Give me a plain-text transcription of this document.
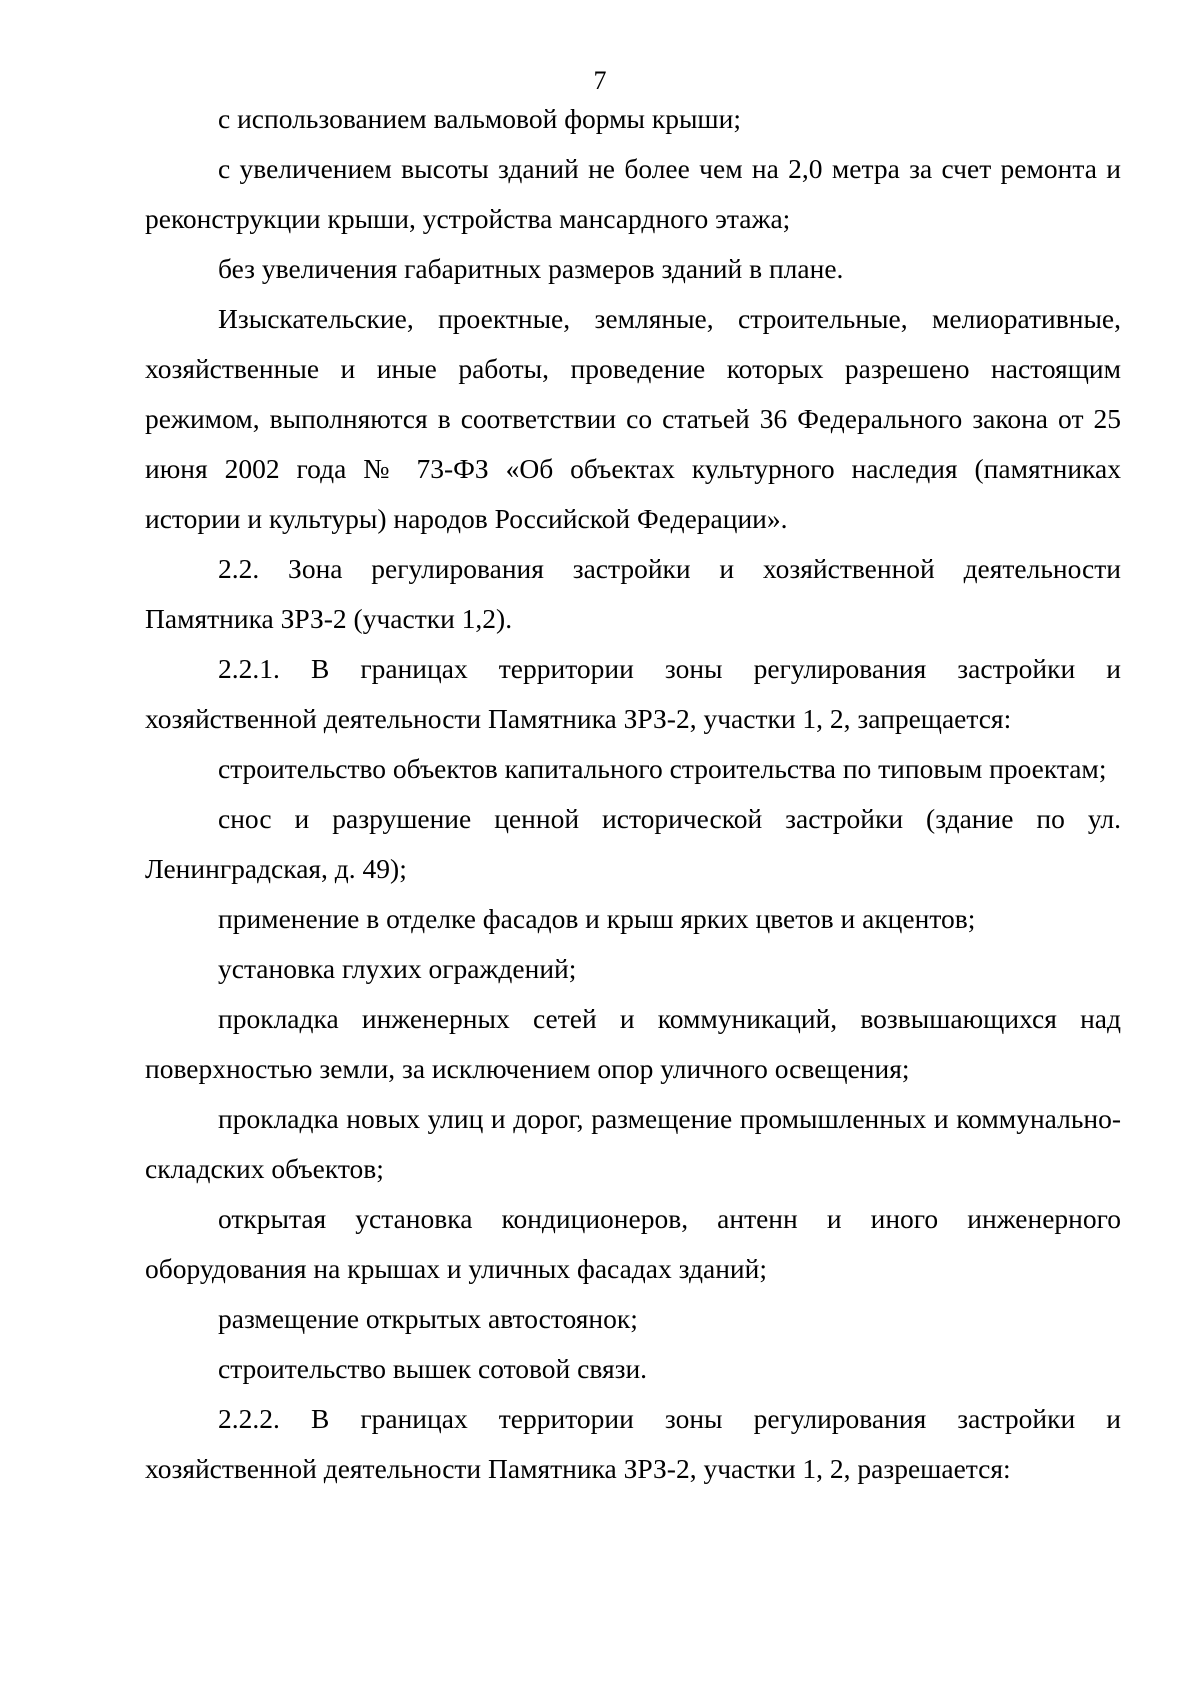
7

с использованием вальмовой формы крыши;

с увеличением высоты зданий не более чем на 2,0 метра за счет ремонта и реконструкции крыши, устройства мансардного этажа;

без увеличения габаритных размеров зданий в плане.

Изыскательские, проектные, земляные, строительные, мелиоративные, хозяйственные и иные работы, проведение которых разрешено настоящим режимом, выполняются в соответствии со статьей 36 Федерального закона от 25 июня 2002 года № 73-ФЗ «Об объектах культурного наследия (памятниках истории и культуры) народов Российской Федерации».

2.2. Зона регулирования застройки и хозяйственной деятельности Памятника ЗРЗ-2 (участки 1,2).

2.2.1. В границах территории зоны регулирования застройки и хозяйственной деятельности Памятника ЗРЗ-2, участки 1, 2, запрещается:

строительство объектов капитального строительства по типовым проектам;

снос и разрушение ценной исторической застройки (здание по ул. Ленинградская, д. 49);

применение в отделке фасадов и крыш ярких цветов и акцентов;

установка глухих ограждений;

прокладка инженерных сетей и коммуникаций, возвышающихся над поверхностью земли, за исключением опор уличного освещения;

прокладка новых улиц и дорог, размещение промышленных и коммунально-складских объектов;

открытая установка кондиционеров, антенн и иного инженерного оборудования на крышах и уличных фасадах зданий;

размещение открытых автостоянок;

строительство вышек сотовой связи.

2.2.2. В границах территории зоны регулирования застройки и хозяйственной деятельности Памятника ЗРЗ-2, участки 1, 2, разрешается:
